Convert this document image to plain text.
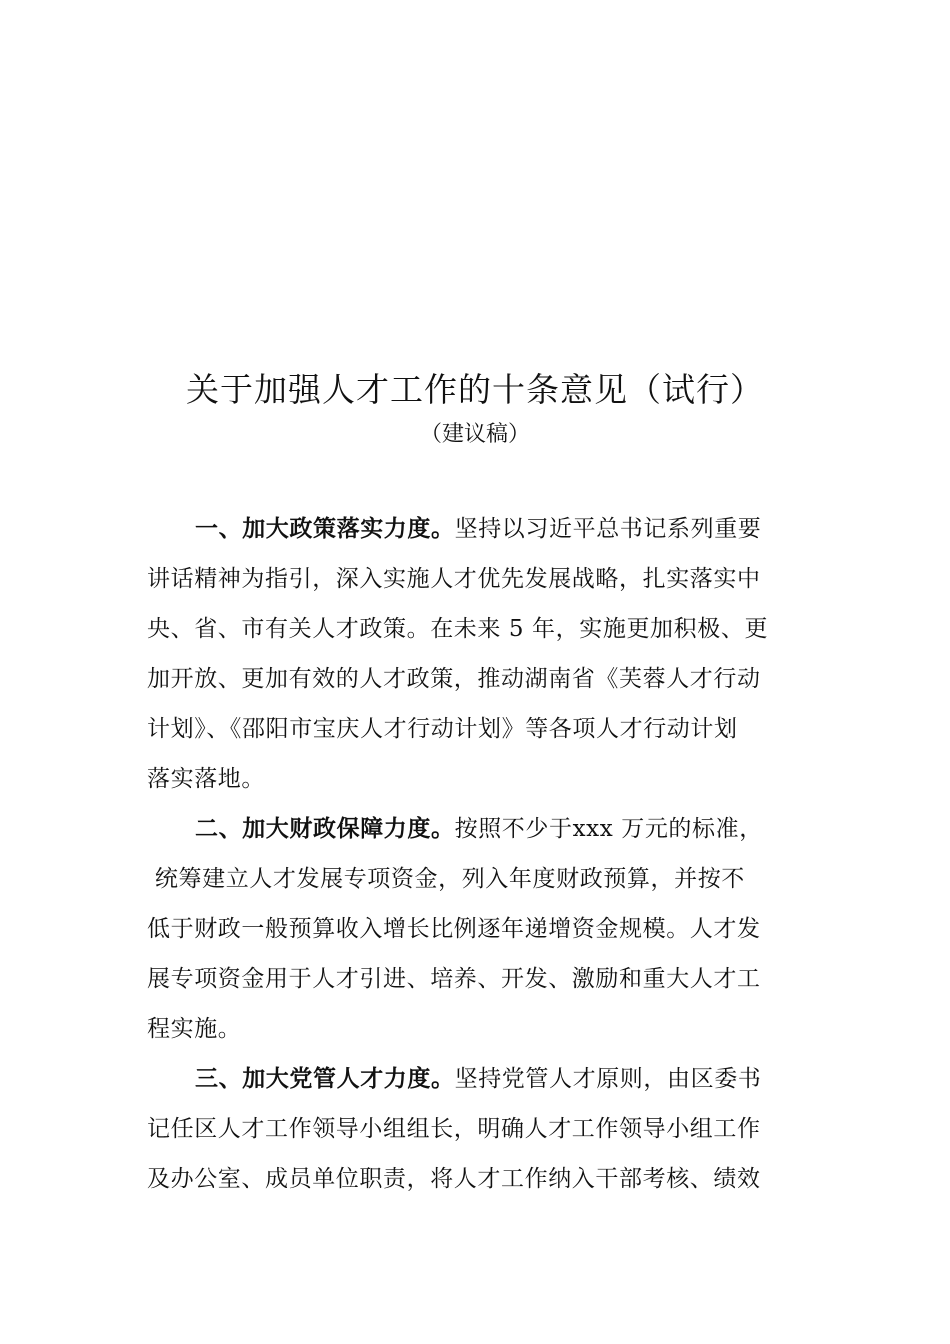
关于加强人才工作的十条意见（试行）
（建议稿）
一、加大政策落实力度。坚持以习近平总书记系列重要
讲话精神为指引，深入实施人才优先发展战略，扎实落实中
央、省、市有关人才政策。在未来 5 年，实施更加积极、更
加开放、更加有效的人才政策，推动湖南省《芙蓉人才行动
计划》、《邵阳市宝庆人才行动计划》等各项人才行动计划
落实落地。
二、加大财政保障力度。按照不少于xxx 万元的标准，
统筹建立人才发展专项资金，列入年度财政预算，并按不
低于财政一般预算收入增长比例逐年递增资金规模。人才发
展专项资金用于人才引进、培养、开发、激励和重大人才工
程实施。
三、加大党管人才力度。坚持党管人才原则，由区委书
记任区人才工作领导小组组长，明确人才工作领导小组工作
及办公室、成员单位职责，将人才工作纳入干部考核、绩效
